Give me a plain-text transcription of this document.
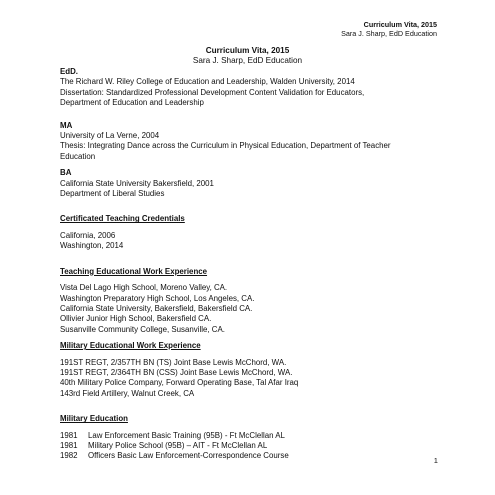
Curriculum Vita, 2015
Sara J. Sharp, EdD Education
Curriculum Vita, 2015
Sara J. Sharp, EdD Education
EdD.
The Richard W. Riley College of Education and Leadership, Walden University, 2014
Dissertation: Standardized Professional Development Content Validation for Educators,
Department of Education and Leadership
MA
University of La Verne, 2004
Thesis: Integrating Dance across the Curriculum in Physical Education, Department of Teacher
Education
BA
California State University Bakersfield, 2001
Department of Liberal Studies
Certificated Teaching Credentials
California, 2006
Washington, 2014
Teaching Educational Work Experience
Vista Del Lago High School, Moreno Valley, CA.
Washington Preparatory High School, Los Angeles, CA.
California State University, Bakersfield, Bakersfield CA.
Ollivier Junior High School, Bakersfield CA.
Susanville Community College, Susanville, CA.
Military Educational Work Experience
191ST REGT, 2/357TH BN (TS) Joint Base Lewis McChord, WA.
191ST REGT, 2/364TH BN (CSS) Joint Base Lewis McChord, WA.
40th Military Police Company, Forward Operating Base, Tal Afar Iraq
143rd Field Artillery, Walnut Creek, CA
Military Education
1981	Law Enforcement Basic Training (95B) - Ft McClellan AL
1981	Military Police School (95B) – AIT - Ft McClellan AL
1982	Officers Basic Law Enforcement-Correspondence Course
1
